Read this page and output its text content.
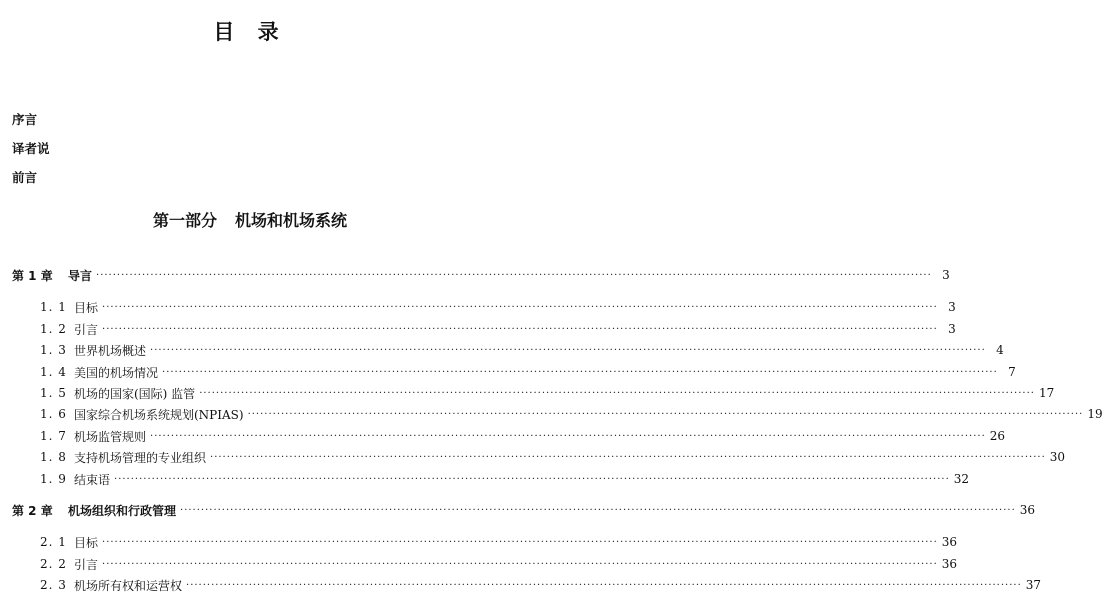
目 录
序言
译者说
前言
第一部分 机场和机场系统
第 1 章	导言 ········································································································································································································ 3
1. 1 目标 ········································································································································································································ 3
1. 2 引言 ········································································································································································································ 3
1. 3 世界机场概述 ········································································································································································································ 4
1. 4 美国的机场情况 ········································································································································································································ 7
1. 5 机场的国家(国际) 监管 ········································································································································································································ 17
1. 6 国家综合机场系统规划(NPIAS) ········································································································································································································ 19
1. 7 机场监管规则 ········································································································································································································ 26
1. 8 支持机场管理的专业组织 ········································································································································································································ 30
1. 9 结束语 ········································································································································································································ 32
第 2 章	机场组织和行政管理 ········································································································································································································ 36
2. 1 目标 ········································································································································································································ 36
2. 2 引言 ········································································································································································································ 36
2. 3 机场所有权和运营权 ········································································································································································································ 37
